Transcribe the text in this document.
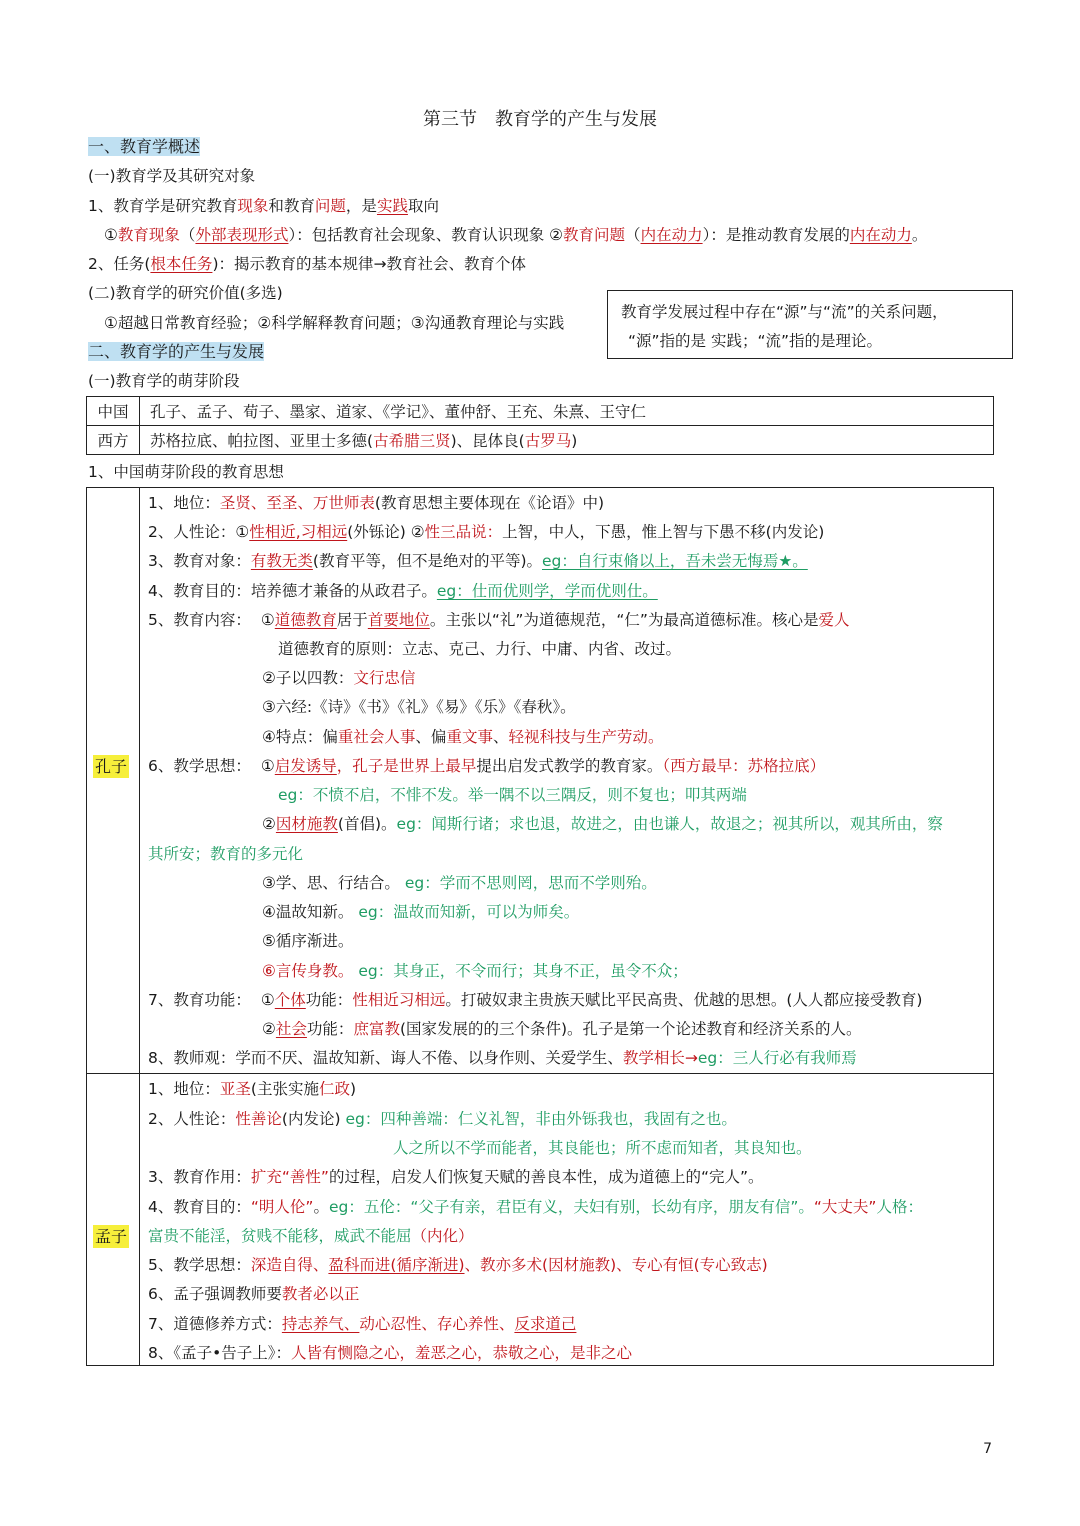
第三节　教育学的产生与发展
一、教育学概述
(一)教育学及其研究对象
1、教育学是研究教育现象和教育问题，是实践取向
①教育现象（外部表现形式）：包括教育社会现象、教育认识现象 ②教育问题（内在动力）：是推动教育发展的内在动力。
2、任务(根本任务)：揭示教育的基本规律→教育社会、教育个体
(二)教育学的研究价值(多选)
①超越日常教育经验；②科学解释教育问题；③沟通教育理论与实践
教育学发展过程中存在“源”与“流”的关系问题，
“源”指的是 实践；“流”指的是理论。
二、教育学的产生与发展
(一)教育学的萌芽阶段
中国	孔子、孟子、荀子、墨家、道家、《学记》、董仲舒、王充、朱熹、王守仁
西方	苏格拉底、帕拉图、亚里士多德(古希腊三贤)、昆体良(古罗马)
1、中国萌芽阶段的教育思想
孔子
1、地位：圣贤、至圣、万世师表(教育思想主要体现在《论语》中)
2、人性论：①性相近,习相远(外铄论) ②性三品说：上智，中人，下愚，惟上智与下愚不移(内发论)
3、教育对象：有教无类(教育平等，但不是绝对的平等)。eg：自行束脩以上，吾未尝无悔焉★。
4、教育目的：培养德才兼备的从政君子。eg：仕而优则学，学而优则仕。
5、教育内容： ①道德教育居于首要地位。主张以“礼”为道德规范，“仁”为最高道德标准。核心是爱人
道德教育的原则：立志、克己、力行、中庸、内省、改过。
②子以四教：文行忠信
③六经:《诗》《书》《礼》《易》《乐》《春秋》。
④特点：偏重社会人事、偏重文事、轻视科技与生产劳动。
6、教学思想： ①启发诱导，孔子是世界上最早提出启发式教学的教育家。（西方最早：苏格拉底）
eg：不愤不启，不悱不发。举一隅不以三隅反，则不复也；叩其两端
②因材施教(首倡)。eg：闻斯行诸；求也退，故进之，由也谦人，故退之；视其所以，观其所由，察
其所安；教育的多元化
③学、思、行结合。 eg：学而不思则罔，思而不学则殆。
④温故知新。 eg：温故而知新，可以为师矣。
⑤循序渐进。
⑥言传身教。 eg：其身正，不令而行；其身不正，虽令不众；
7、教育功能： ①个体功能：性相近习相远。打破奴隶主贵族天赋比平民高贵、优越的思想。(人人都应接受教育)
②社会功能：庶富教(国家发展的的三个条件)。孔子是第一个论述教育和经济关系的人。
8、教师观：学而不厌、温故知新、诲人不倦、以身作则、关爱学生、教学相长→eg：三人行必有我师焉
孟子
1、地位：亚圣(主张实施仁政)
2、人性论：性善论(内发论) eg：四种善端：仁义礼智，非由外铄我也，我固有之也。
人之所以不学而能者，其良能也；所不虑而知者，其良知也。
3、教育作用：扩充“善性”的过程，启发人们恢复天赋的善良本性，成为道德上的“完人”。
4、教育目的：“明人伦”。eg：五伦：“父子有亲，君臣有义，夫妇有别，长幼有序，朋友有信”。“大丈夫”人格：
富贵不能淫，贫贱不能移，威武不能屈（内化）
5、教学思想：深造自得、盈科而进(循序渐进)、教亦多术(因材施教)、专心有恒(专心致志)
6、孟子强调教师要教者必以正
7、道德修养方式：持志养气、动心忍性、存心养性、反求道己
8、《孟子•告子上》：人皆有恻隐之心，羞恶之心，恭敬之心，是非之心
7
